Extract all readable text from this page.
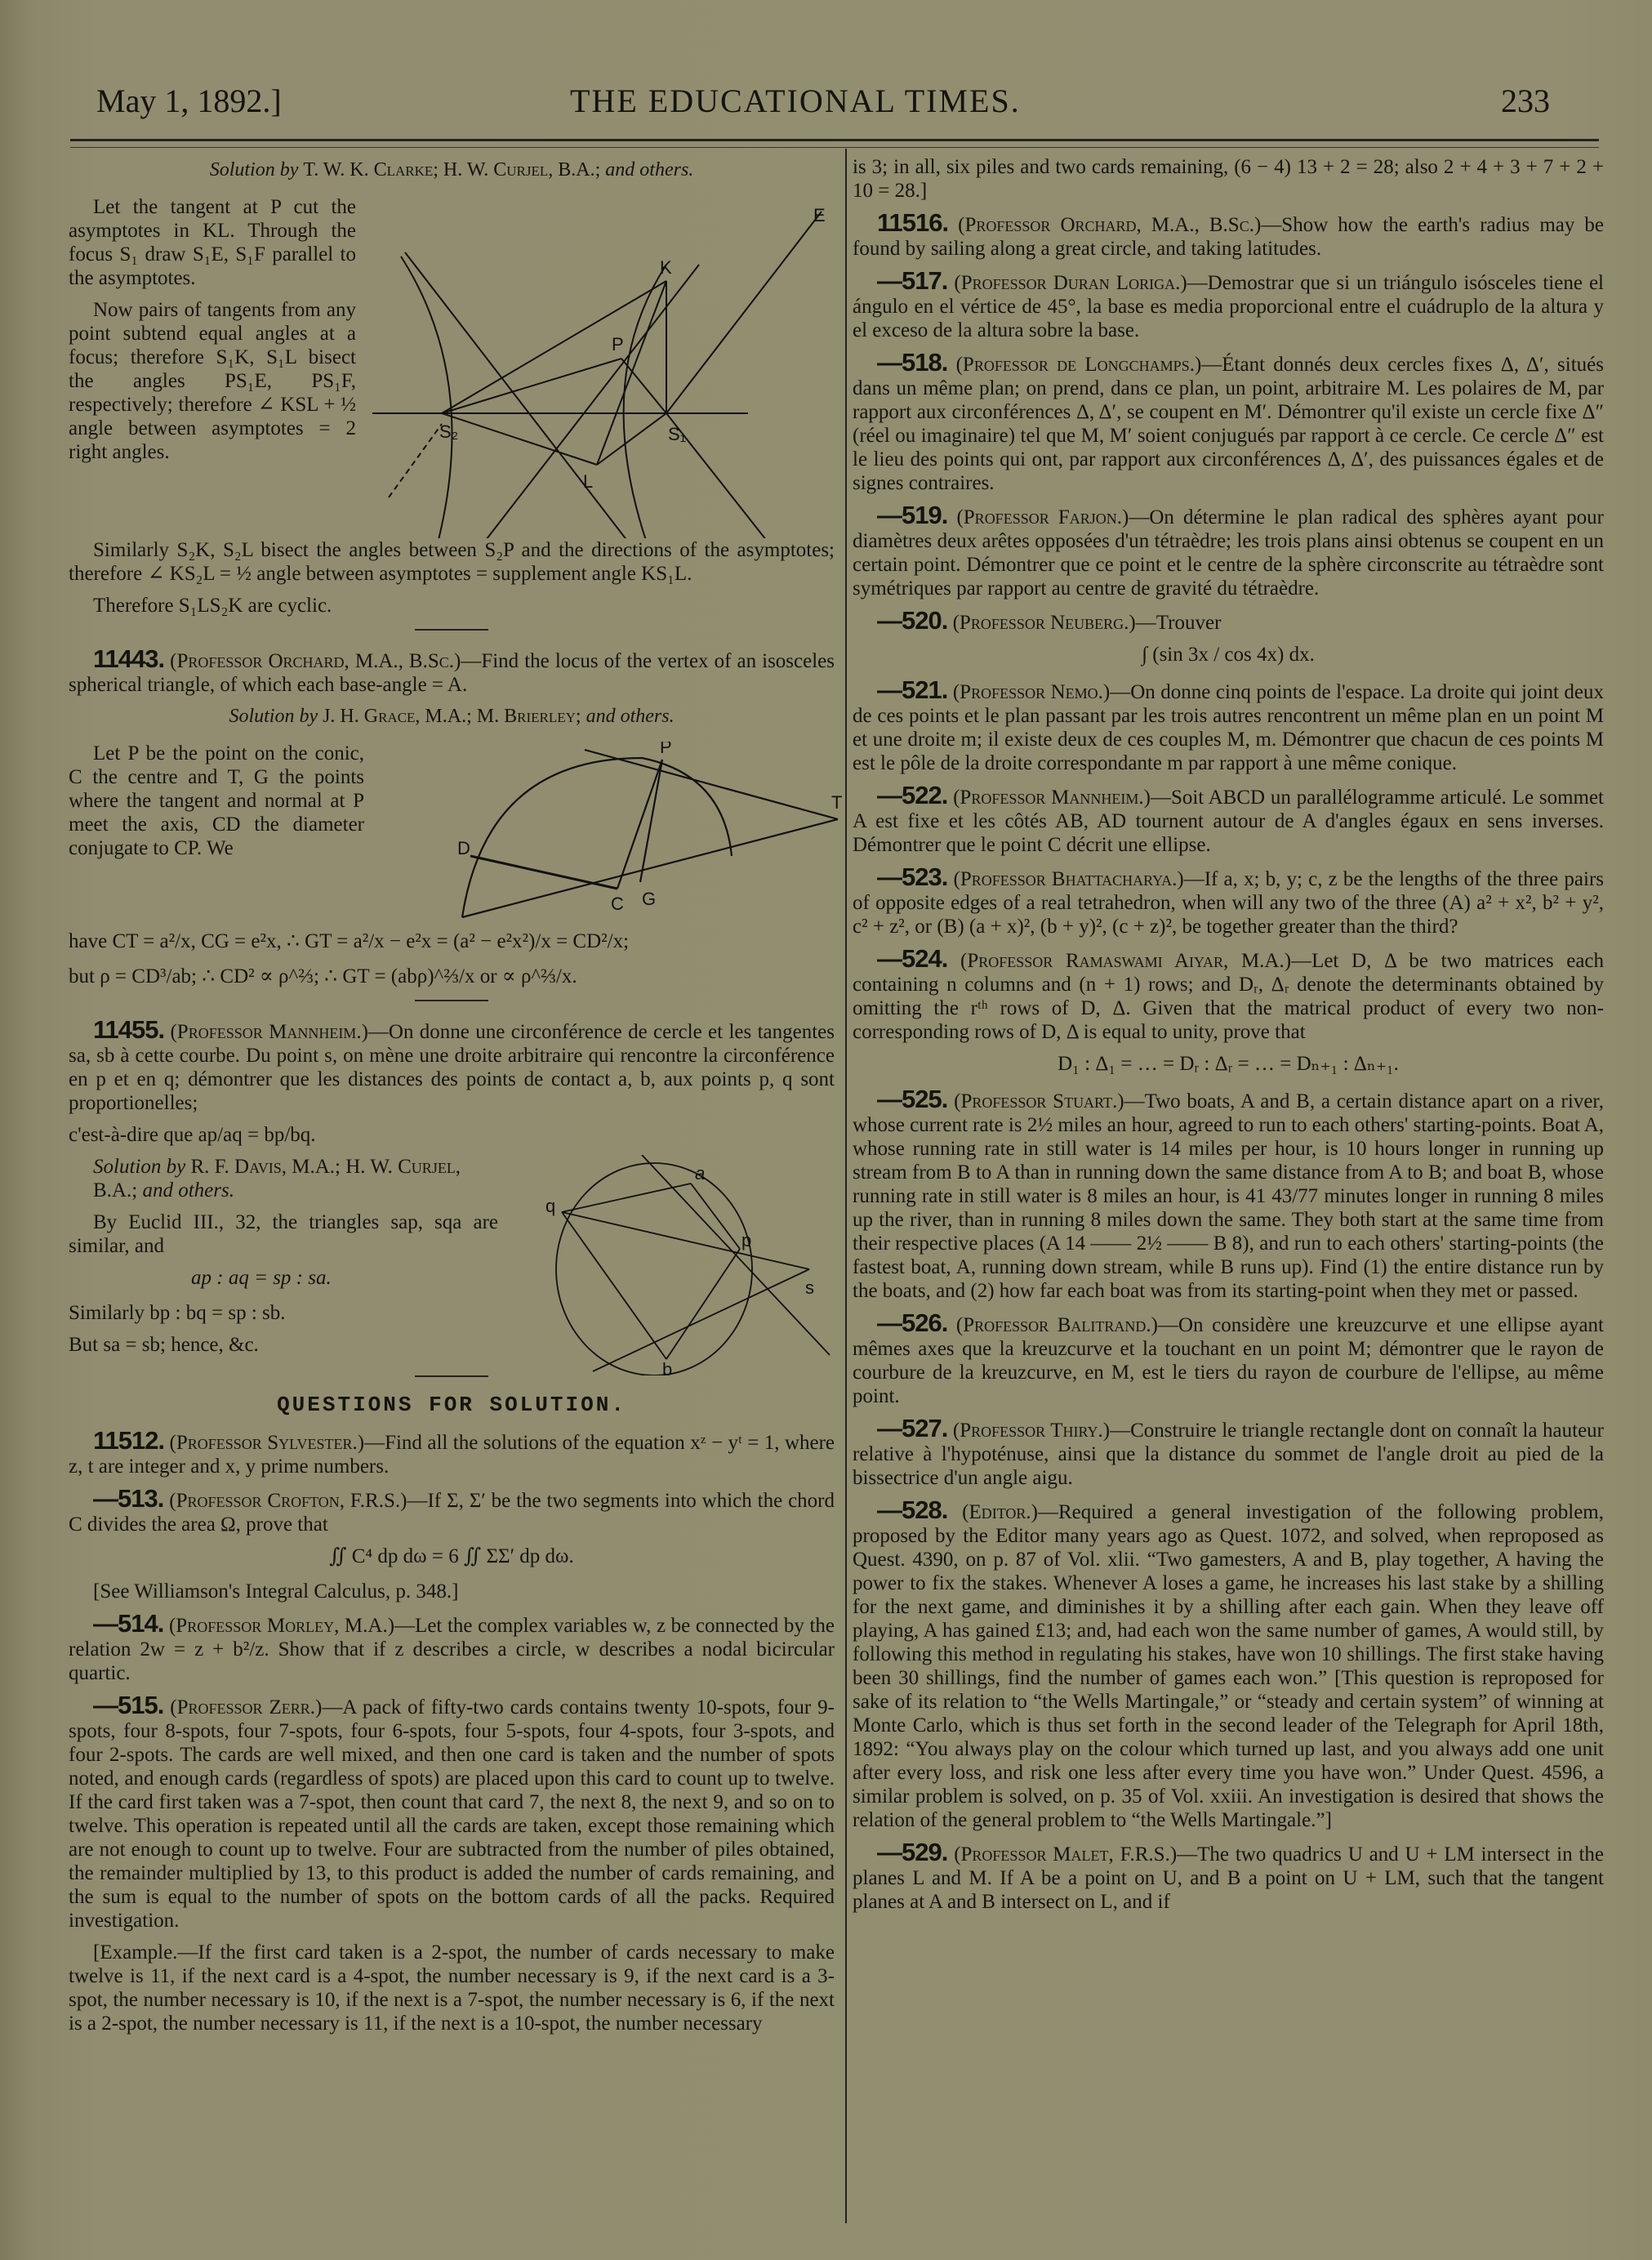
May 1, 1892.]	THE EDUCATIONAL TIMES.	233

Solution by T. W. K. Clarke; H. W. Curjel, B.A.; and others.

K
P
E
S₁
S₂
L

Let the tangent at P cut the asymptotes in KL. Through the focus S₁ draw S₁E, S₁F parallel to the asymptotes.

Now pairs of tangents from any point subtend equal angles at a focus; therefore S₁K, S₁L bisect the angles PS₁E, PS₁F, respectively; therefore ∠ KSL + ½ angle between asymptotes = 2 right angles.

Similarly S₂K, S₂L bisect the angles between S₂P and the directions of the asymptotes; therefore ∠ KS₂L = ½ angle between asymptotes = supplement angle KS₁L.

Therefore S₁LS₂K are cyclic.

11443. (Professor Orchard, M.A., B.Sc.)—Find the locus of the vertex of an isosceles spherical triangle, of which each base-angle = A.

Solution by J. H. Grace, M.A.; M. Brierley; and others.

P
T
D
C G

Let P be the point on the conic, C the centre and T, G the points where the tangent and normal at P meet the axis, CD the diameter conjugate to CP. We

have CT = a²/x, CG = e²x, ∴ GT = a²/x − e²x = (a² − e²x²)/x = CD²/x;

but ρ = CD³/ab; ∴ CD² ∝ ρ^⅔; ∴ GT = (abρ)^⅔/x or ∝ ρ^⅔/x.

11455. (Professor Mannheim.)—On donne une circonférence de cercle et les tangentes sa, sb à cette courbe. Du point s, on mène une droite arbitraire qui rencontre la circonférence en p et en q; démontrer que les distances des points de contact a, b, aux points p, q sont proportionelles;

c'est-à-dire que ap/aq = bp/bq.

a
q
p
s
b

Solution by R. F. Davis, M.A.; H. W. Curjel, B.A.; and others.

By Euclid III., 32, the triangles sap, sqa are similar, and

ap : aq = sp : sa.

Similarly bp : bq = sp : sb.

But sa = sb; hence, &c.

QUESTIONS FOR SOLUTION.

11512. (Professor Sylvester.)—Find all the solutions of the equation xᶻ − yᵗ = 1, where z, t are integer and x, y prime numbers.

—513. (Professor Crofton, F.R.S.)—If Σ, Σ′ be the two segments into which the chord C divides the area Ω, prove that

∬ C⁴ dp dω = 6 ∬ ΣΣ′ dp dω.

[See Williamson's Integral Calculus, p. 348.]

—514. (Professor Morley, M.A.)—Let the complex variables w, z be connected by the relation 2w = z + b²/z. Show that if z describes a circle, w describes a nodal bicircular quartic.

—515. (Professor Zerr.)—A pack of fifty-two cards contains twenty 10-spots, four 9-spots, four 8-spots, four 7-spots, four 6-spots, four 5-spots, four 4-spots, four 3-spots, and four 2-spots. The cards are well mixed, and then one card is taken and the number of spots noted, and enough cards (regardless of spots) are placed upon this card to count up to twelve. If the card first taken was a 7-spot, then count that card 7, the next 8, the next 9, and so on to twelve. This operation is repeated until all the cards are taken, except those remaining which are not enough to count up to twelve. Four are subtracted from the number of piles obtained, the remainder multiplied by 13, to this product is added the number of cards remaining, and the sum is equal to the number of spots on the bottom cards of all the packs. Required investigation.

[Example.—If the first card taken is a 2-spot, the number of cards necessary to make twelve is 11, if the next card is a 4-spot, the number necessary is 9, if the next card is a 3-spot, the number necessary is 10, if the next is a 7-spot, the number necessary is 6, if the next is a 2-spot, the number necessary is 11, if the next is a 10-spot, the number necessary

is 3; in all, six piles and two cards remaining, (6 − 4) 13 + 2 = 28; also 2 + 4 + 3 + 7 + 2 + 10 = 28.]

11516. (Professor Orchard, M.A., B.Sc.)—Show how the earth's radius may be found by sailing along a great circle, and taking latitudes.

—517. (Professor Duran Loriga.)—Demostrar que si un triángulo isósceles tiene el ángulo en el vértice de 45°, la base es media proporcional entre el cuádruplo de la altura y el exceso de la altura sobre la base.

—518. (Professor de Longchamps.)—Étant donnés deux cercles fixes Δ, Δ′, situés dans un même plan; on prend, dans ce plan, un point, arbitraire M. Les polaires de M, par rapport aux circonférences Δ, Δ′, se coupent en M′. Démontrer qu'il existe un cercle fixe Δ″ (réel ou imaginaire) tel que M, M′ soient conjugués par rapport à ce cercle. Ce cercle Δ″ est le lieu des points qui ont, par rapport aux circonférences Δ, Δ′, des puissances égales et de signes contraires.

—519. (Professor Farjon.)—On détermine le plan radical des sphères ayant pour diamètres deux arêtes opposées d'un tétraèdre; les trois plans ainsi obtenus se coupent en un certain point. Démontrer que ce point et le centre de la sphère circonscrite au tétraèdre sont symétriques par rapport au centre de gravité du tétraèdre.

—520. (Professor Neuberg.)—Trouver

∫ (sin 3x / cos 4x) dx.

—521. (Professor Nemo.)—On donne cinq points de l'espace. La droite qui joint deux de ces points et le plan passant par les trois autres rencontrent un même plan en un point M et une droite m; il existe deux de ces couples M, m. Démontrer que chacun de ces points M est le pôle de la droite correspondante m par rapport à une même conique.

—522. (Professor Mannheim.)—Soit ABCD un parallélogramme articulé. Le sommet A est fixe et les côtés AB, AD tournent autour de A d'angles égaux en sens inverses. Démontrer que le point C décrit une ellipse.

—523. (Professor Bhattacharya.)—If a, x; b, y; c, z be the lengths of the three pairs of opposite edges of a real tetrahedron, when will any two of the three (A) a² + x², b² + y², c² + z², or (B) (a + x)², (b + y)², (c + z)², be together greater than the third?

—524. (Professor Ramaswami Aiyar, M.A.)—Let D, Δ be two matrices each containing n columns and (n + 1) rows; and Dᵣ, Δᵣ denote the determinants obtained by omitting the rᵗʰ rows of D, Δ. Given that the matrical product of every two non-corresponding rows of D, Δ is equal to unity, prove that

D₁ : Δ₁ = … = Dᵣ : Δᵣ = … = Dₙ₊₁ : Δₙ₊₁.

—525. (Professor Stuart.)—Two boats, A and B, a certain distance apart on a river, whose current rate is 2½ miles an hour, agreed to run to each others' starting-points. Boat A, whose running rate in still water is 14 miles per hour, is 10 hours longer in running up stream from B to A than in running down the same distance from A to B; and boat B, whose running rate in still water is 8 miles an hour, is 41 43/77 minutes longer in running 8 miles up the river, than in running 8 miles down the same. They both start at the same time from their respective places (A 14 —— 2½ —— B 8), and run to each others' starting-points (the fastest boat, A, running down stream, while B runs up). Find (1) the entire distance run by the boats, and (2) how far each boat was from its starting-point when they met or passed.

—526. (Professor Balitrand.)—On considère une kreuzcurve et une ellipse ayant mêmes axes que la kreuzcurve et la touchant en un point M; démontrer que le rayon de courbure de la kreuzcurve, en M, est le tiers du rayon de courbure de l'ellipse, au même point.

—527. (Professor Thiry.)—Construire le triangle rectangle dont on connaît la hauteur relative à l'hypoténuse, ainsi que la distance du sommet de l'angle droit au pied de la bissectrice d'un angle aigu.

—528. (Editor.)—Required a general investigation of the following problem, proposed by the Editor many years ago as Quest. 1072, and solved, when reproposed as Quest. 4390, on p. 87 of Vol. xlii. “Two gamesters, A and B, play together, A having the power to fix the stakes. Whenever A loses a game, he increases his last stake by a shilling for the next game, and diminishes it by a shilling after each gain. When they leave off playing, A has gained £13; and, had each won the same number of games, A would still, by following this method in regulating his stakes, have won 10 shillings. The first stake having been 30 shillings, find the number of games each won.” [This question is reproposed for sake of its relation to “the Wells Martingale,” or “steady and certain system” of winning at Monte Carlo, which is thus set forth in the second leader of the Telegraph for April 18th, 1892: “You always play on the colour which turned up last, and you always add one unit after every loss, and risk one less after every time you have won.” Under Quest. 4596, a similar problem is solved, on p. 35 of Vol. xxiii. An investigation is desired that shows the relation of the general problem to “the Wells Martingale.”]

—529. (Professor Malet, F.R.S.)—The two quadrics U and U + LM intersect in the planes L and M. If A be a point on U, and B a point on U + LM, such that the tangent planes at A and B intersect on L, and if
